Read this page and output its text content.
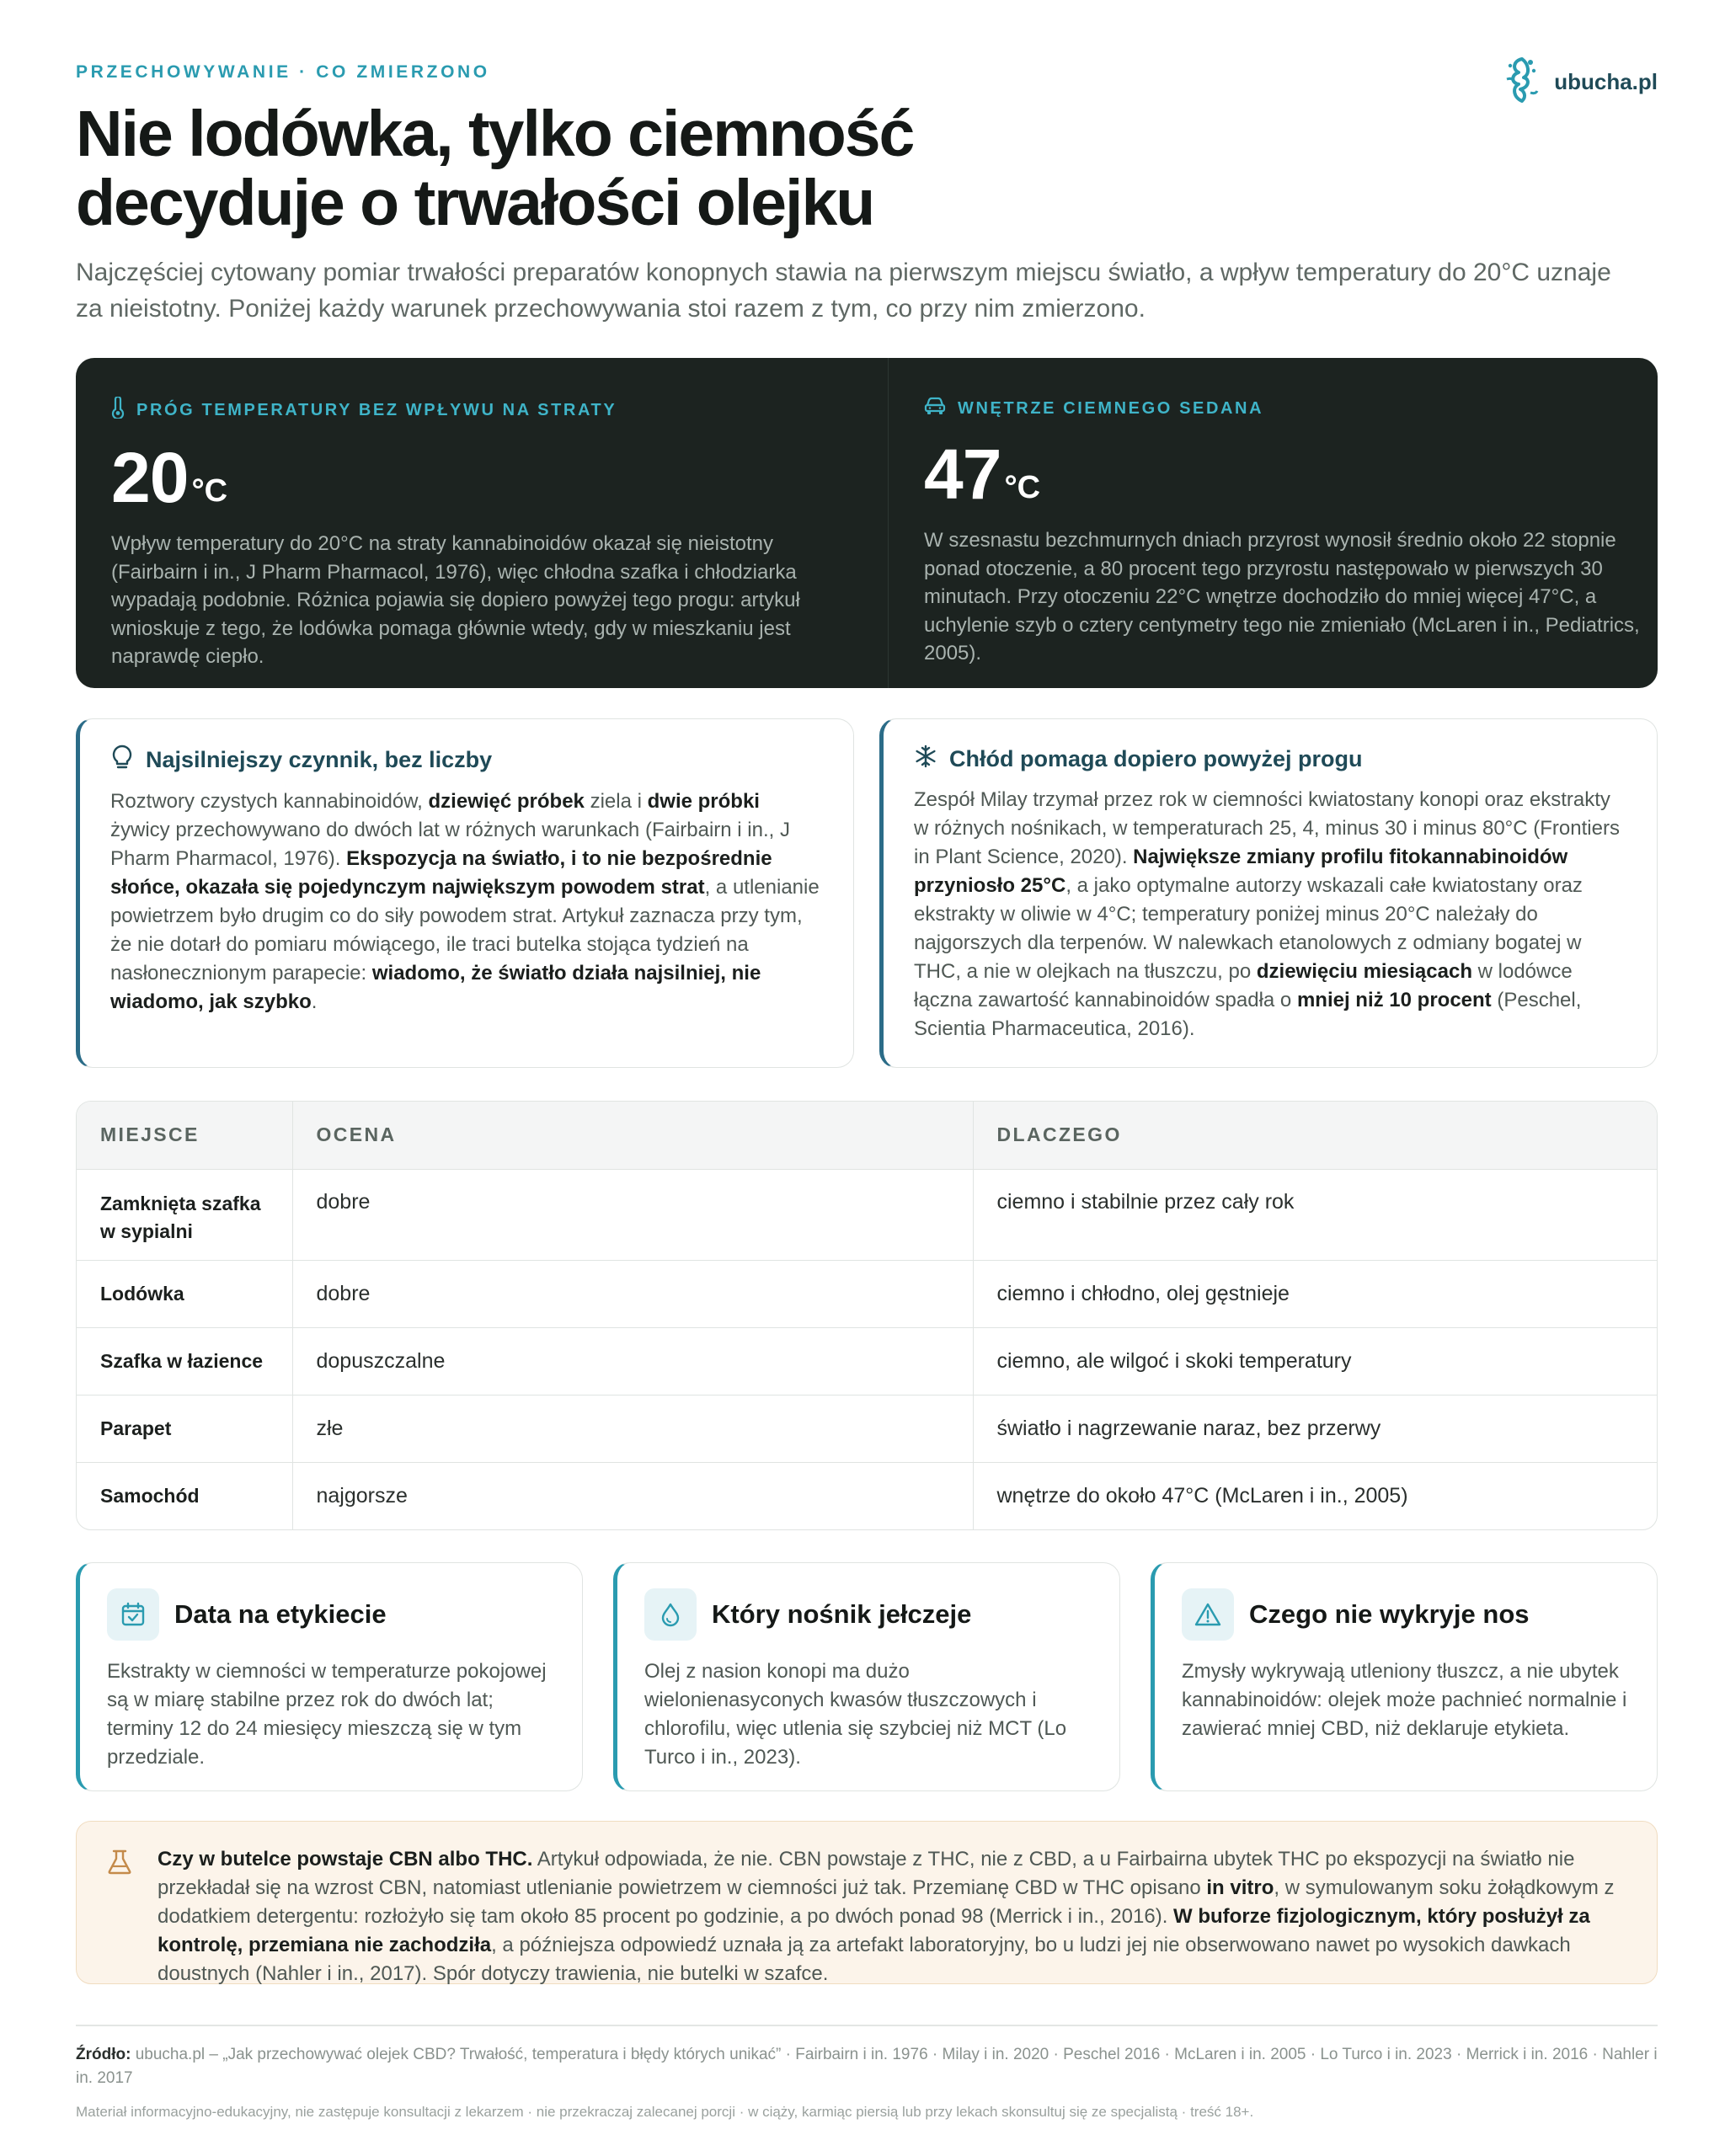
PRZECHOWYWANIE · CO ZMIERZONO	ubucha.pl
Nie lodówka, tylko ciemność
decyduje o trwałości olejku

Najczęściej cytowany pomiar trwałości preparatów konopnych stawia na pierwszym miejscu światło, a wpływ temperatury do 20°C uznaje za nieistotny. Poniżej każdy warunek przechowywania stoi razem z tym, co przy nim zmierzono.

PRÓG TEMPERATURY BEZ WPŁYWU NA STRATY
20 °C

Wpływ temperatury do 20°C na straty kannabinoidów okazał się nieistotny (Fairbairn i in., J Pharm Pharmacol, 1976), więc chłodna szafka i chłodziarka wypadają podobnie. Różnica pojawia się dopiero powyżej tego progu: artykuł wnioskuje z tego, że lodówka pomaga głównie wtedy, gdy w mieszkaniu jest naprawdę ciepło.

WNĘTRZE CIEMNEGO SEDANA
47 °C

W szesnastu bezchmurnych dniach przyrost wynosił średnio około 22 stopnie ponad otoczenie, a 80 procent tego przyrostu następowało w pierwszych 30 minutach. Przy otoczeniu 22°C wnętrze dochodziło do mniej więcej 47°C, a uchylenie szyb o cztery centymetry tego nie zmieniało (McLaren i in., Pediatrics, 2005).

Najsilniejszy czynnik, bez liczby

Roztwory czystych kannabinoidów, dziewięć próbek ziela i dwie próbki żywicy przechowywano do dwóch lat w różnych warunkach (Fairbairn i in., J Pharm Pharmacol, 1976). Ekspozycja na światło, i to nie bezpośrednie słońce, okazała się pojedynczym największym powodem strat, a utlenianie powietrzem było drugim co do siły powodem strat. Artykuł zaznacza przy tym, że nie dotarł do pomiaru mówiącego, ile traci butelka stojąca tydzień na nasłonecznionym parapecie: wiadomo, że światło działa najsilniej, nie wiadomo, jak szybko.

Chłód pomaga dopiero powyżej progu

Zespół Milay trzymał przez rok w ciemności kwiatostany konopi oraz ekstrakty w różnych nośnikach, w temperaturach 25, 4, minus 30 i minus 80°C (Frontiers in Plant Science, 2020). Największe zmiany profilu fitokannabinoidów przyniosło 25°C, a jako optymalne autorzy wskazali całe kwiatostany oraz ekstrakty w oliwie w 4°C; temperatury poniżej minus 20°C należały do najgorszych dla terpenów. W nalewkach etanolowych z odmiany bogatej w THC, a nie w olejkach na tłuszczu, po dziewięciu miesiącach w lodówce łączna zawartość kannabinoidów spadła o mniej niż 10 procent (Peschel, Scientia Pharmaceutica, 2016).

MIEJSCE	OCENA	DLACZEGO
Zamknięta szafka w sypialni	dobre	ciemno i stabilnie przez cały rok
Lodówka	dobre	ciemno i chłodno, olej gęstnieje
Szafka w łazience	dopuszczalne	ciemno, ale wilgoć i skoki temperatury
Parapet	złe	światło i nagrzewanie naraz, bez przerwy
Samochód	najgorsze	wnętrze do około 47°C (McLaren i in., 2005)
Data na etykiecie

Ekstrakty w ciemności w temperaturze pokojowej są w miarę stabilne przez rok do dwóch lat; terminy 12 do 24 miesięcy mieszczą się w tym przedziale.

Który nośnik jełczeje

Olej z nasion konopi ma dużo wielonienasyconych kwasów tłuszczowych i chlorofilu, więc utlenia się szybciej niż MCT (Lo Turco i in., 2023).

Czego nie wykryje nos

Zmysły wykrywają utleniony tłuszcz, a nie ubytek kannabinoidów: olejek może pachnieć normalnie i zawierać mniej CBD, niż deklaruje etykieta.

Czy w butelce powstaje CBN albo THC. Artykuł odpowiada, że nie. CBN powstaje z THC, nie z CBD, a u Fairbairna ubytek THC po ekspozycji na światło nie przekładał się na wzrost CBN, natomiast utlenianie powietrzem w ciemności już tak. Przemianę CBD w THC opisano in vitro, w symulowanym soku żołądkowym z dodatkiem detergentu: rozłożyło się tam około 85 procent po godzinie, a po dwóch ponad 98 (Merrick i in., 2016). W buforze fizjologicznym, który posłużył za kontrolę, przemiana nie zachodziła, a późniejsza odpowiedź uznała ją za artefakt laboratoryjny, bo u ludzi jej nie obserwowano nawet po wysokich dawkach doustnych (Nahler i in., 2017). Spór dotyczy trawienia, nie butelki w szafce.

Źródło: ubucha.pl – „Jak przechowywać olejek CBD? Trwałość, temperatura i błędy których unikać” · Fairbairn i in. 1976 · Milay i in. 2020 · Peschel 2016 · McLaren i in. 2005 · Lo Turco i in. 2023 · Merrick i in. 2016 · Nahler i in. 2017

Materiał informacyjno-edukacyjny, nie zastępuje konsultacji z lekarzem · nie przekraczaj zalecanej porcji · w ciąży, karmiąc piersią lub przy lekach skonsultuj się ze specjalistą · treść 18+.
